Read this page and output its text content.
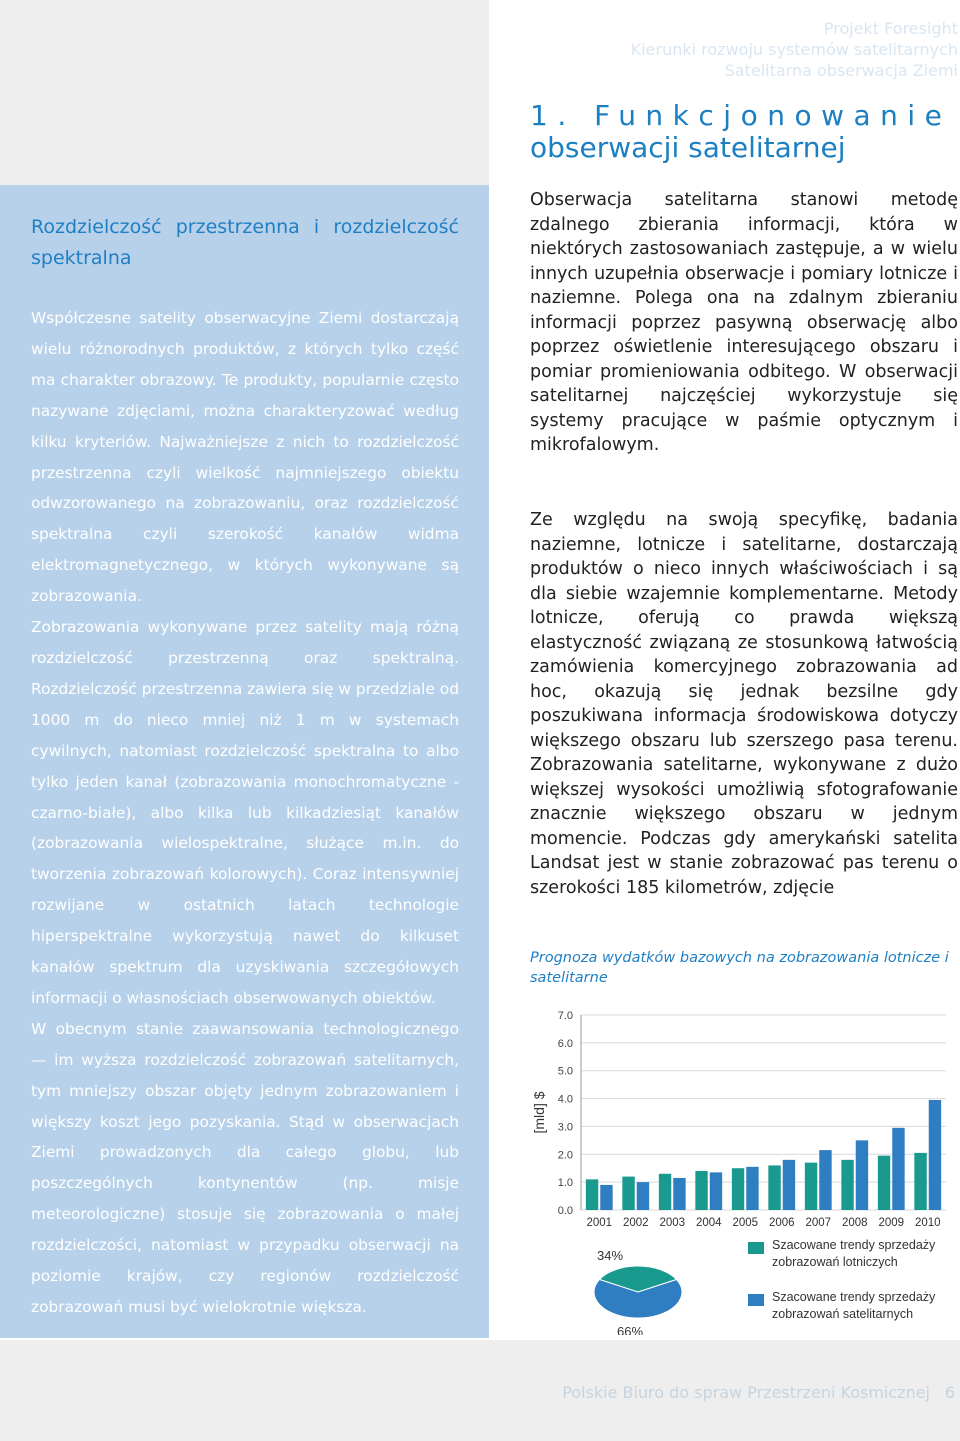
Projekt Foresight
Kierunki rozwoju systemów satelitarnych
Satelitarna obserwacja Ziemi
1. Funkcjonowanie
obserwacji satelitarnej
Rozdzielczość przestrzenna i rozdzielczość spektralna

Współczesne satelity obserwacyjne Ziemi dostarczają wielu różnorodnych produktów, z których tylko część ma charakter obrazowy. Te produkty, popularnie często nazywane zdjęciami, można charakteryzować według kilku kryteriów. Najważniejsze z nich to rozdzielczość przestrzenna czyli wielkość najmniejszego obiektu odwzorowanego na zobrazowaniu, oraz rozdzielczość spektralna czyli szerokość kanałów widma elektromagnetycznego, w których wykonywane są zobrazowania.

Zobrazowania wykonywane przez satelity mają różną rozdzielczość przestrzenną oraz spektralną. Rozdzielczość przestrzenna zawiera się w przedziale od 1000 m do nieco mniej niż 1 m w systemach cywilnych, natomiast rozdzielczość spektralna to albo tylko jeden kanał (zobrazowania monochromatyczne - czarno-białe), albo kilka lub kilkadziesiąt kanałów (zobrazowania wielospektralne, służące m.in. do tworzenia zobrazowań kolorowych). Coraz intensywniej rozwijane w ostatnich latach technologie hiperspektralne wykorzystują nawet do kilkuset kanałów spektrum dla uzyskiwania szczegółowych informacji o własnościach obserwowanych obiektów.

W obecnym stanie zaawansowania technologicznego — im wyższa rozdzielczość zobrazowań satelitarnych, tym mniejszy obszar objęty jednym zobrazowaniem i większy koszt jego pozyskania. Stąd w obserwacjach Ziemi prowadzonych dla całego globu, lub poszczególnych kontynentów (np. misje meteorologiczne) stosuje się zobrazowania o małej rozdzielczości, natomiast w przypadku obserwacji na poziomie krajów, czy regionów rozdzielczość zobrazowań musi być wielokrotnie większa.

Obserwacja satelitarna stanowi metodę zdalnego zbierania informacji, która w niektórych zastosowaniach zastępuje, a w wielu innych uzupełnia obserwacje i pomiary lotnicze i naziemne. Polega ona na zdalnym zbieraniu informacji poprzez pasywną obserwację albo poprzez oświetlenie interesującego obszaru i pomiar promieniowania odbitego. W obserwacji satelitarnej najczęściej wykorzystuje się systemy pracujące w paśmie optycznym i mikrofalowym.

Ze względu na swoją specyfikę, badania naziemne, lotnicze i satelitarne, dostarczają produktów o nieco innych właściwościach i są dla siebie wzajemnie komplementarne. Metody lotnicze, oferują co prawda większą elastyczność związaną ze stosunkową łatwością zamówienia komercyjnego zobrazowania ad hoc, okazują się jednak bezsilne gdy poszukiwana informacja środowiskowa dotyczy większego obszaru lub szerszego pasa terenu. Zobrazowania satelitarne, wykonywane z dużo większej wysokości umożliwią sfotografowanie znacznie większego obszaru w jednym momencie. Podczas gdy amerykański satelita Landsat jest w stanie zobrazować pas terenu o szerokości 185 kilometrów, zdjęcie

Prognoza wydatków bazowych na zobrazowania lotnicze i satelitarne
0.0
1.0
2.0
3.0
4.0
5.0
6.0
7.0
[mld] $
2001 2002 2003 2004 2005 2006 2007 2008 2009 2010
34%
66%
Szacowane trendy sprzedaży
zobrazowań lotniczych
Szacowane trendy sprzedaży
zobrazowań satelitarnych
Polskie Biuro do spraw Przestrzeni Kosmicznej 6
